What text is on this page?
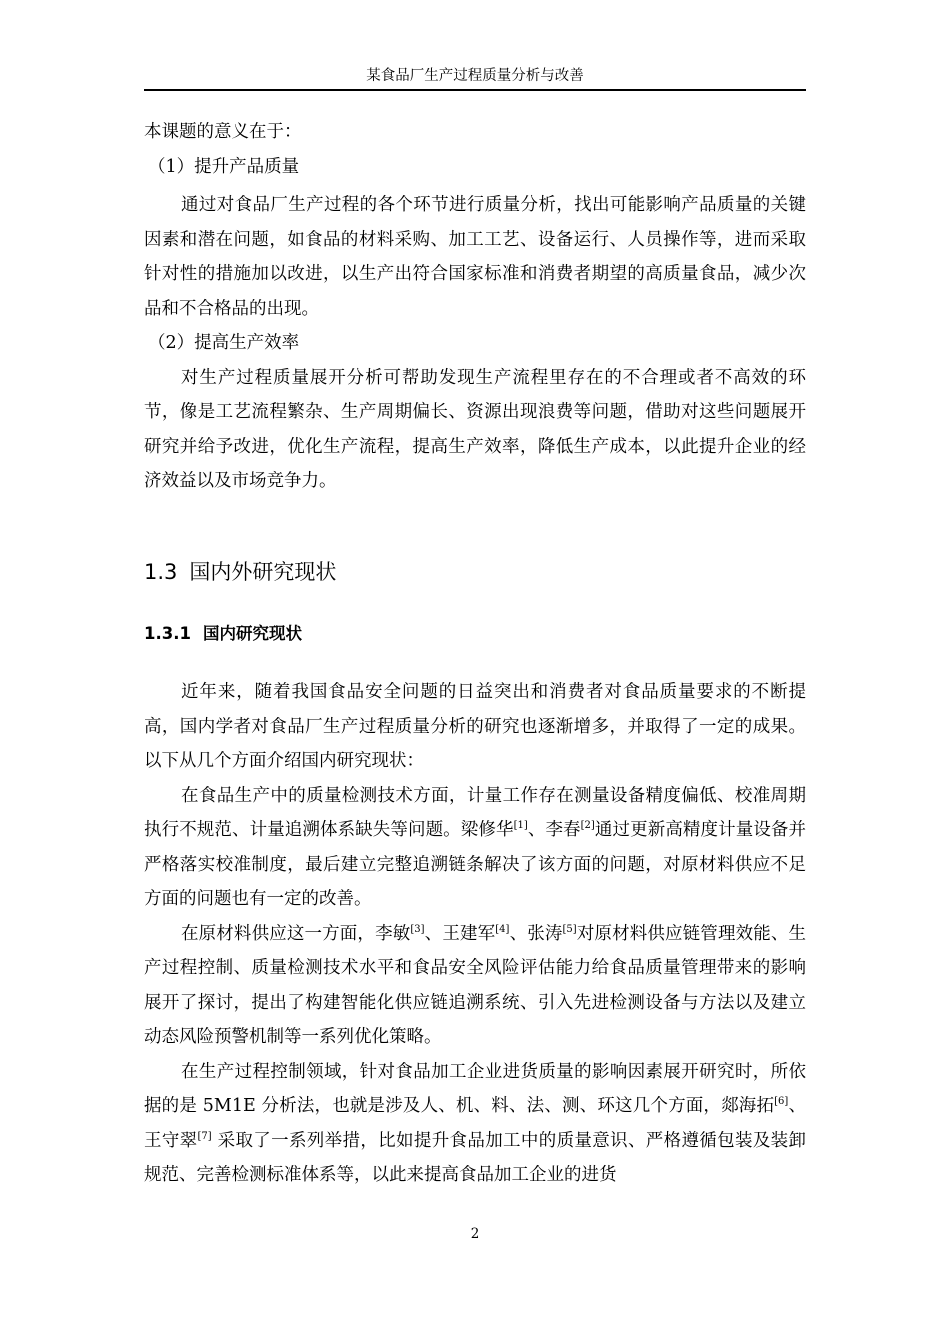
某食品厂生产过程质量分析与改善

本课题的意义在于：

（1）提升产品质量

通过对食品厂生产过程的各个环节进行质量分析，找出可能影响产品质量的关键因素和潜在问题，如食品的材料采购、加工工艺、设备运行、人员操作等，进而采取针对性的措施加以改进，以生产出符合国家标准和消费者期望的高质量食品，减少次品和不合格品的出现。

（2）提高生产效率

对生产过程质量展开分析可帮助发现生产流程里存在的不合理或者不高效的环节，像是工艺流程繁杂、生产周期偏长、资源出现浪费等问题，借助对这些问题展开研究并给予改进，优化生产流程，提高生产效率，降低生产成本，以此提升企业的经济效益以及市场竞争力。

1.3 国内外研究现状
1.3.1 国内研究现状

近年来，随着我国食品安全问题的日益突出和消费者对食品质量要求的不断提高，国内学者对食品厂生产过程质量分析的研究也逐渐增多，并取得了一定的成果。以下从几个方面介绍国内研究现状：

在食品生产中的质量检测技术方面，计量工作存在测量设备精度偏低、校准周期执行不规范、计量追溯体系缺失等问题。梁修华[1]、李春[2]通过更新高精度计量设备并严格落实校准制度，最后建立完整追溯链条解决了该方面的问题，对原材料供应不足方面的问题也有一定的改善。

在原材料供应这一方面，李敏[3]、王建军[4]、张涛[5]对原材料供应链管理效能、生产过程控制、质量检测技术水平和食品安全风险评估能力给食品质量管理带来的影响展开了探讨，提出了构建智能化供应链追溯系统、引入先进检测设备与方法以及建立动态风险预警机制等一系列优化策略。

在生产过程控制领域，针对食品加工企业进货质量的影响因素展开研究时，所依据的是 5M1E 分析法，也就是涉及人、机、料、法、测、环这几个方面，郯海拓[6]、王守翠[7] 采取了一系列举措，比如提升食品加工中的质量意识、严格遵循包装及装卸规范、完善检测标准体系等，以此来提高食品加工企业的进货

2
